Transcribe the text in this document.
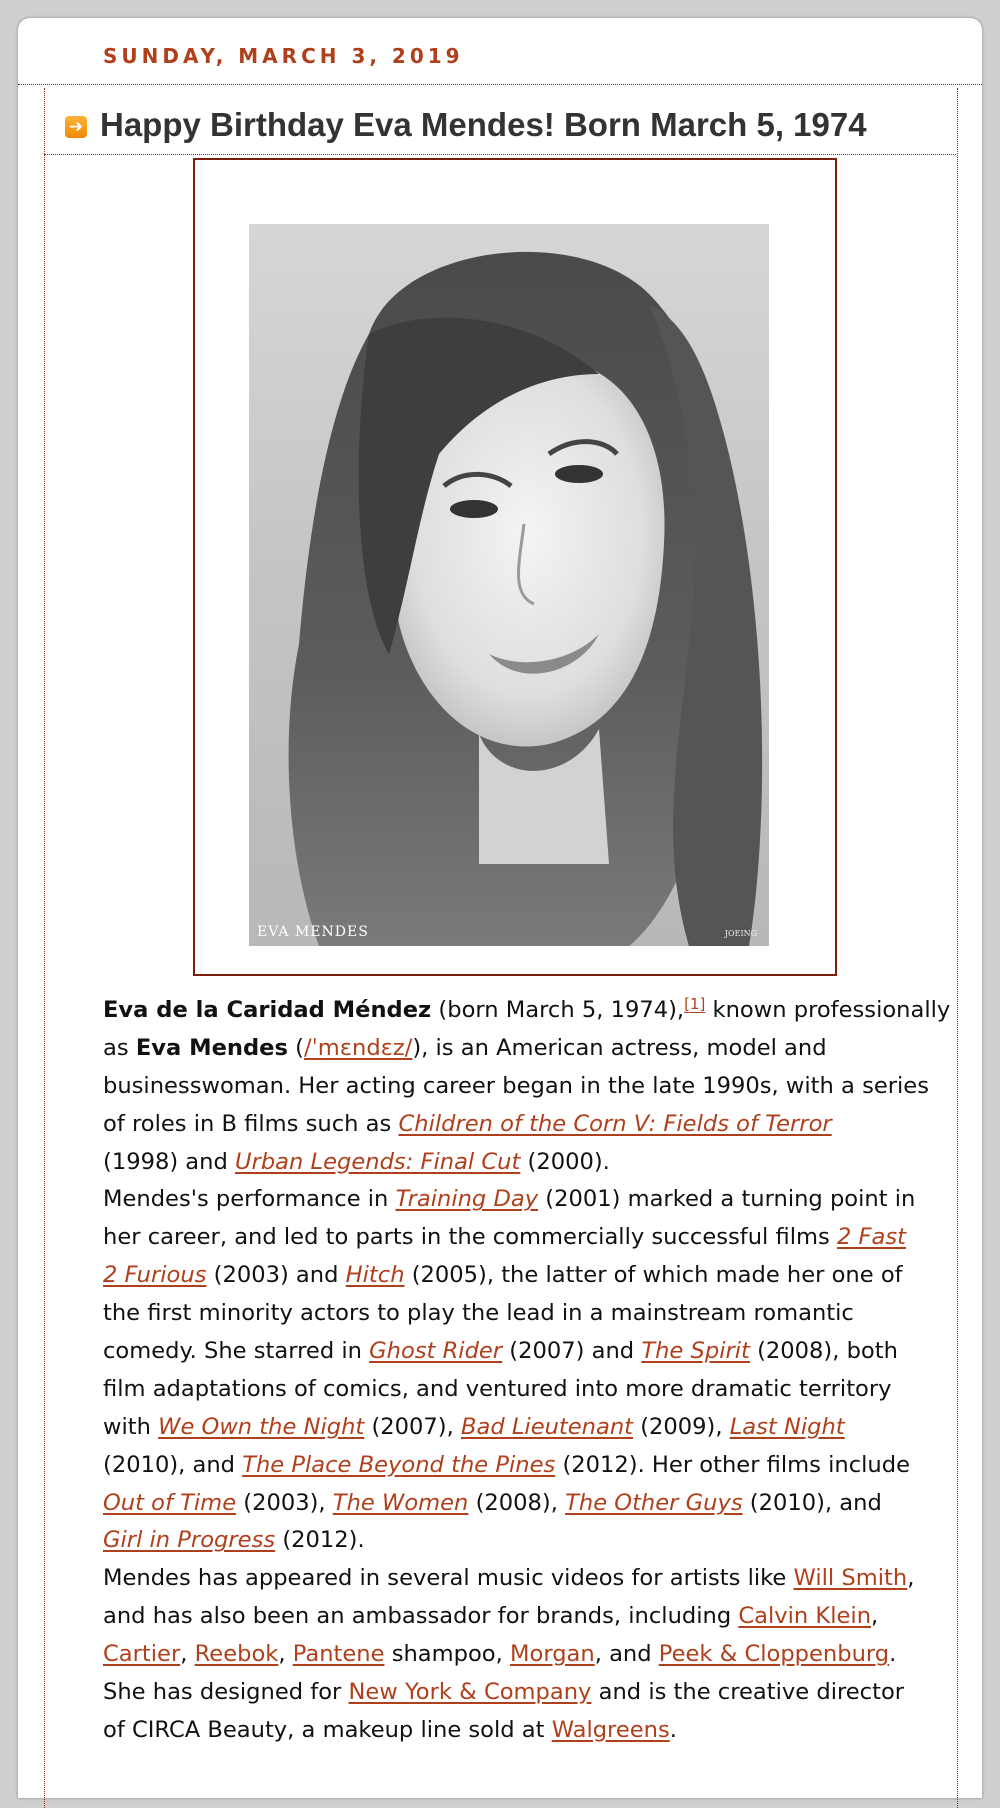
SUNDAY, MARCH 3, 2019
➔ Happy Birthday Eva Mendes! Born March 5, 1974
EVA MENDES	JOEING
Eva de la Caridad Méndez (born March 5, 1974),[1] known professionally
as Eva Mendes (/ˈmɛndɛz/), is an American actress, model and
businesswoman. Her acting career began in the late 1990s, with a series
of roles in B films such as Children of the Corn V: Fields of Terror
(1998) and Urban Legends: Final Cut (2000).
Mendes's performance in Training Day (2001) marked a turning point in
her career, and led to parts in the commercially successful films 2 Fast
2 Furious (2003) and Hitch (2005), the latter of which made her one of
the first minority actors to play the lead in a mainstream romantic
comedy. She starred in Ghost Rider (2007) and The Spirit (2008), both
film adaptations of comics, and ventured into more dramatic territory
with We Own the Night (2007), Bad Lieutenant (2009), Last Night
(2010), and The Place Beyond the Pines (2012). Her other films include
Out of Time (2003), The Women (2008), The Other Guys (2010), and
Girl in Progress (2012).
Mendes has appeared in several music videos for artists like Will Smith,
and has also been an ambassador for brands, including Calvin Klein,
Cartier, Reebok, Pantene shampoo, Morgan, and Peek & Cloppenburg.
She has designed for New York & Company and is the creative director
of CIRCA Beauty, a makeup line sold at Walgreens.
